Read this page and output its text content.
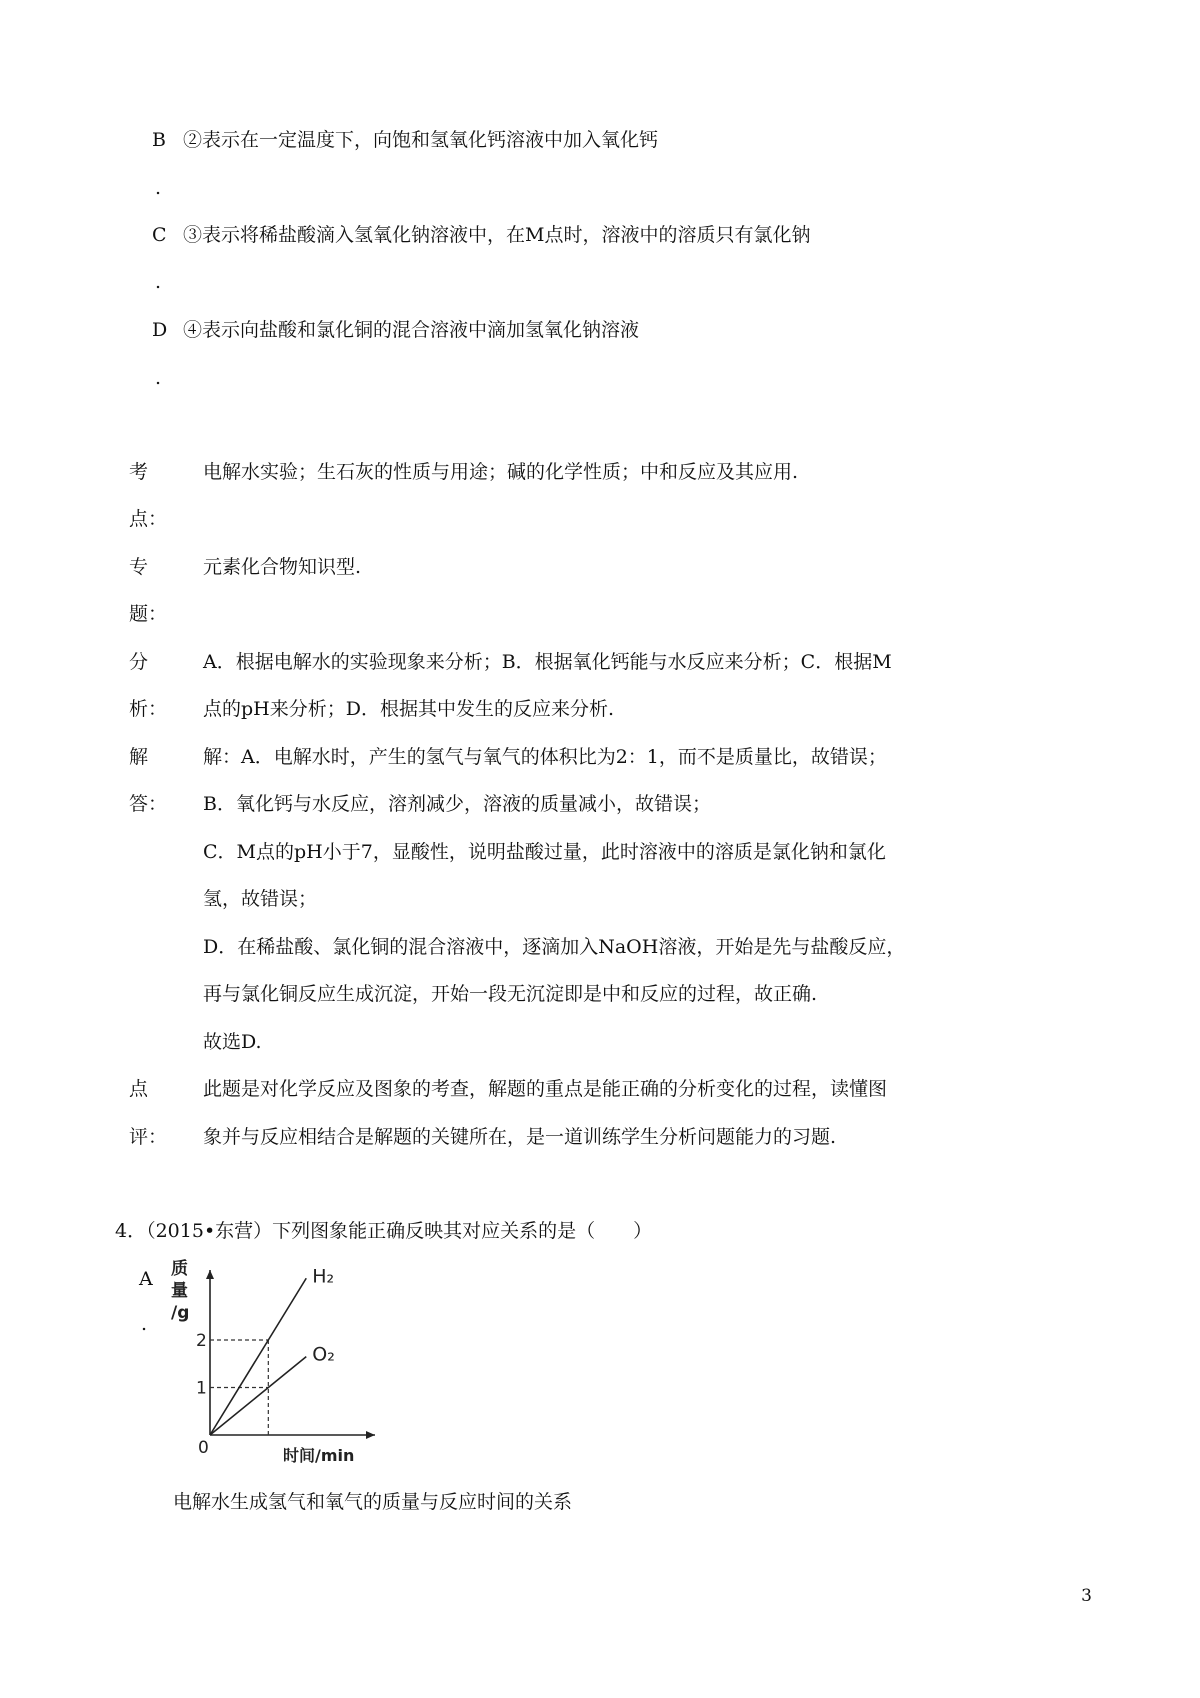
B ②表示在一定温度下，向饱和氢氧化钙溶液中加入氧化钙
.
C ③表示将稀盐酸滴入氢氧化钠溶液中，在M点时，溶液中的溶质只有氯化钠
.
D ④表示向盐酸和氯化铜的混合溶液中滴加氢氧化钠溶液
.
考
点：
电解水实验；生石灰的性质与用途；碱的化学性质；中和反应及其应用.
专
题：
元素化合物知识型.
分
析：
A．根据电解水的实验现象来分析；B．根据氧化钙能与水反应来分析；C．根据M
点的pH来分析；D．根据其中发生的反应来分析.
解
答：
解：A．电解水时，产生的氢气与氧气的体积比为2：1，而不是质量比，故错误；
B．氧化钙与水反应，溶剂减少，溶液的质量减小，故错误；
C．M点的pH小于7，显酸性，说明盐酸过量，此时溶液中的溶质是氯化钠和氯化
氢，故错误；
D．在稀盐酸、氯化铜的混合溶液中，逐滴加入NaOH溶液，开始是先与盐酸反应，
再与氯化铜反应生成沉淀，开始一段无沉淀即是中和反应的过程，故正确.
故选D.
点
评：
此题是对化学反应及图象的考查，解题的重点是能正确的分析变化的过程，读懂图
象并与反应相结合是解题的关键所在，是一道训练学生分析问题能力的习题.
4．（2015•东营）下列图象能正确反映其对应关系的是（　　）
A
.
H₂
O₂
1
2
0
质
量
/g
时间/min
电解水生成氢气和氧气的质量与反应时间的关系
3
